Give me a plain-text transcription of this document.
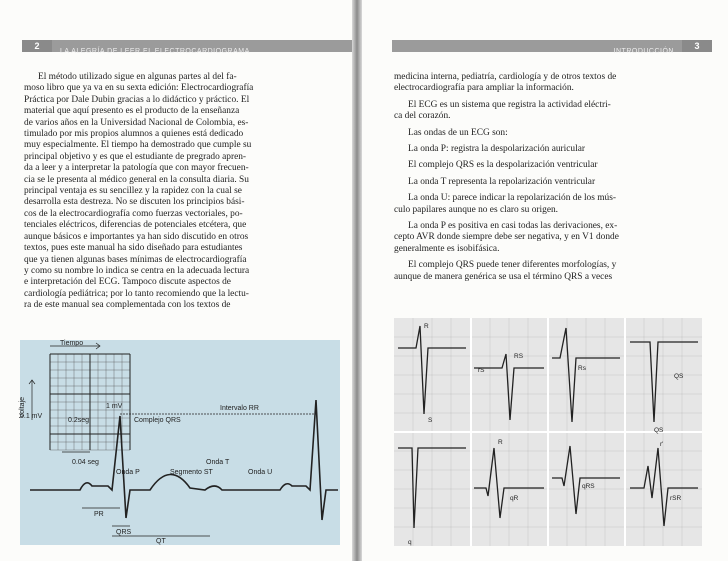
2
LA ALEGRÍA DE LEER EL ELECTROCARDIOGRAMA

El método utilizado sigue en algunas partes al del fa-

moso libro que ya va en su sexta edición: Electrocardiografía

Práctica por Dale Dubin gracias a lo didáctico y práctico. El

material que aquí presento es el producto de la enseñanza

de varios años en la Universidad Nacional de Colombia, es-

timulado por mis propios alumnos a quienes está dedicado

muy especialmente. El tiempo ha demostrado que cumple su

principal objetivo y es que el estudiante de pregrado apren-

da a leer y a interpretar la patología que con mayor frecuen-

cia se le presenta al médico general en la consulta diaria. Su

principal ventaja es su sencillez y la rapidez con la cual se

desarrolla esta destreza. No se discuten los principios bási-

cos de la electrocardiografía como fuerzas vectoriales, po-

tenciales eléctricos, diferencias de potenciales etcétera, que

aunque básicos e importantes ya han sido discutido en otros

textos, pues este manual ha sido diseñado para estudiantes

que ya tienen algunas bases mínimas de electrocardiografía

y como su nombre lo indica se centra en la adecuada lectura

e interpretación del ECG. Tampoco discute aspectos de

cardiología pediátrica; por lo tanto recomiendo que la lectu-

ra de este manual sea complementada con los textos de

Tiempo
Voltaje	1 mV
0.2seg
0.1 mV
0.04 seg
Intervalo RR
Complejo QRS
Onda P	Segmento ST
Onda T
Onda U
PR
QRS
QT
INTRODUCCIÓN
3

medicina interna, pediatría, cardiología y de otros textos de

electrocardiografía para ampliar la información.

El ECG es un sistema que registra la actividad eléctri-

ca del corazón.

Las ondas de un ECG son:

La onda P: registra la despolarización auricular

El complejo QRS es la despolarización ventricular

La onda T representa la repolarización ventricular

La onda U: parece indicar la repolarización de los mús-

culo papilares aunque no es claro su origen.

La onda P es positiva en casi todas las derivaciones, ex-

cepto AVR donde siempre debe ser negativa, y en V1 donde

generalmente es isobifásica.

El complejo QRS puede tener diferentes morfologías, y

aunque de manera genérica se usa el término QRS a veces

R
S
rS
RS
Rs
QS
QS
q
R
qR
qRS
rSR
r'
